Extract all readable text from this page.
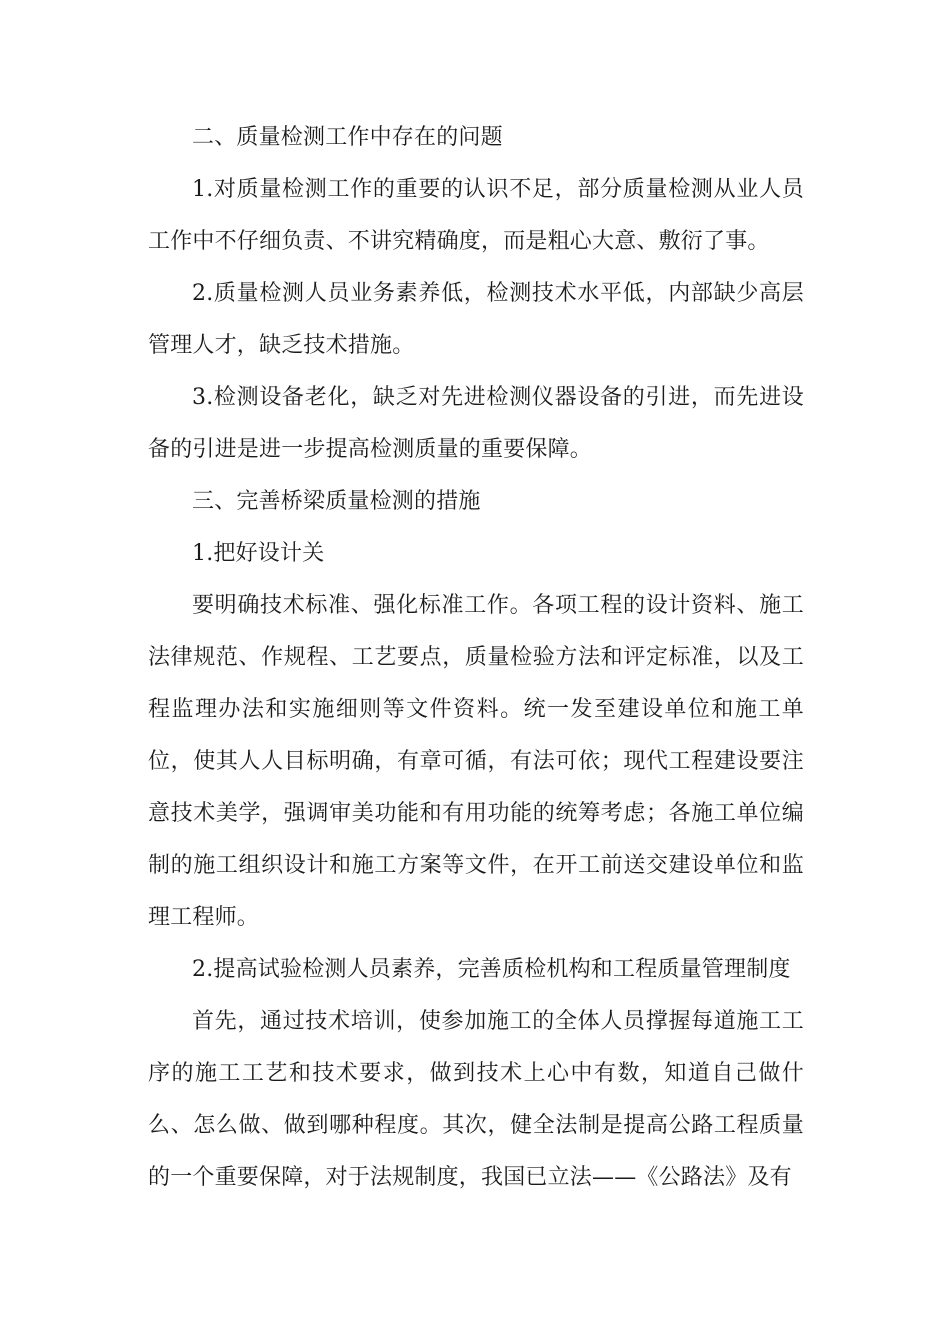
二、质量检测工作中存在的问题

1.对质量检测工作的重要的认识不足，部分质量检测从业人员工作中不仔细负责、不讲究精确度，而是粗心大意、敷衍了事。

2.质量检测人员业务素养低，检测技术水平低，内部缺少高层管理人才，缺乏技术措施。

3.检测设备老化，缺乏对先进检测仪器设备的引进，而先进设备的引进是进一步提高检测质量的重要保障。

三、完善桥梁质量检测的措施

1.把好设计关

要明确技术标准、强化标准工作。各项工程的设计资料、施工法律规范、作规程、工艺要点，质量检验方法和评定标准，以及工程监理办法和实施细则等文件资料。统一发至建设单位和施工单位，使其人人目标明确，有章可循，有法可依；现代工程建设要注意技术美学，强调审美功能和有用功能的统筹考虑；各施工单位编制的施工组织设计和施工方案等文件，在开工前送交建设单位和监理工程师。

2.提高试验检测人员素养，完善质检机构和工程质量管理制度

首先，通过技术培训，使参加施工的全体人员撑握每道施工工序的施工工艺和技术要求，做到技术上心中有数，知道自己做什么、怎么做、做到哪种程度。其次，健全法制是提高公路工程质量的一个重要保障，对于法规制度，我国已立法——《公路法》及有
